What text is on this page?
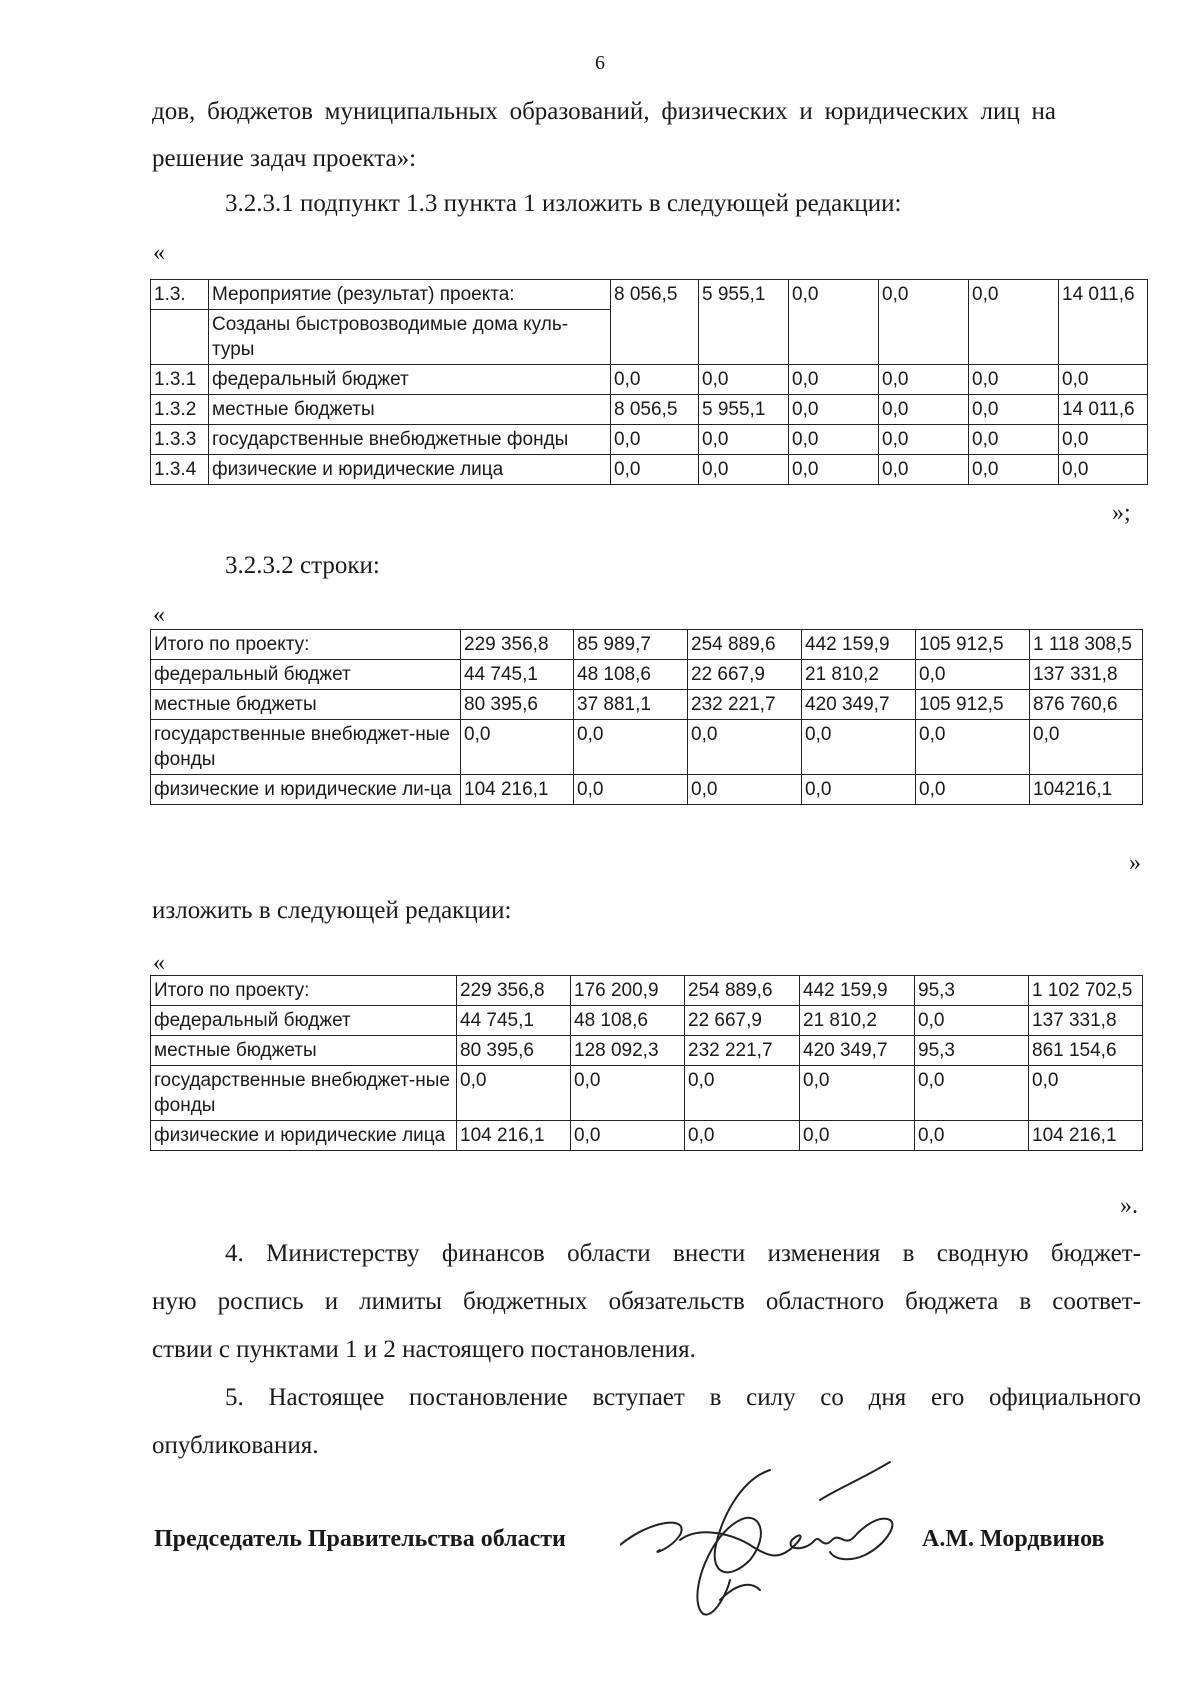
6
дов, бюджетов муниципальных образований, физических и юридических лиц на
решение задач проекта»:
3.2.3.1 подпункт 1.3 пункта 1 изложить в следующей редакции:
«
1.3.	Мероприятие (результат) проекта:	8 056,5	5 955,1	0,0	0,0	0,0	14 011,6
	Созданы быстровозводимые дома куль-туры						
1.3.1	федеральный бюджет	0,0	0,0	0,0	0,0	0,0	0,0
1.3.2	местные бюджеты	8 056,5	5 955,1	0,0	0,0	0,0	14 011,6
1.3.3	государственные внебюджетные фонды	0,0	0,0	0,0	0,0	0,0	0,0
1.3.4	физические и юридические лица	0,0	0,0	0,0	0,0	0,0	0,0
»;
3.2.3.2 строки:
«
Итого по проекту:	229 356,8	85 989,7	254 889,6	442 159,9	105 912,5	1 118 308,5
федеральный бюджет	44 745,1	48 108,6	22 667,9	21 810,2	0,0	137 331,8
местные бюджеты	80 395,6	37 881,1	232 221,7	420 349,7	105 912,5	876 760,6
государственные внебюджет-ные фонды	0,0	0,0	0,0	0,0	0,0	0,0
физические и юридические ли-ца	104 216,1	0,0	0,0	0,0	0,0	104216,1
»
изложить в следующей редакции:
«
Итого по проекту:	229 356,8	176 200,9	254 889,6	442 159,9	95,3	1 102 702,5
федеральный бюджет	44 745,1	48 108,6	22 667,9	21 810,2	0,0	137 331,8
местные бюджеты	80 395,6	128 092,3	232 221,7	420 349,7	95,3	861 154,6
государственные внебюджет-ные фонды	0,0	0,0	0,0	0,0	0,0	0,0
физические и юридические лица	104 216,1	0,0	0,0	0,0	0,0	104 216,1
».
4. Министерству финансов области внести изменения в сводную бюджет-
ную роспись и лимиты бюджетных обязательств областного бюджета в соответ-
ствии с пунктами 1 и 2 настоящего постановления.
5. Настоящее постановление вступает в силу со дня его официального
опубликования.
Председатель Правительства области	А.М. Мордвинов
